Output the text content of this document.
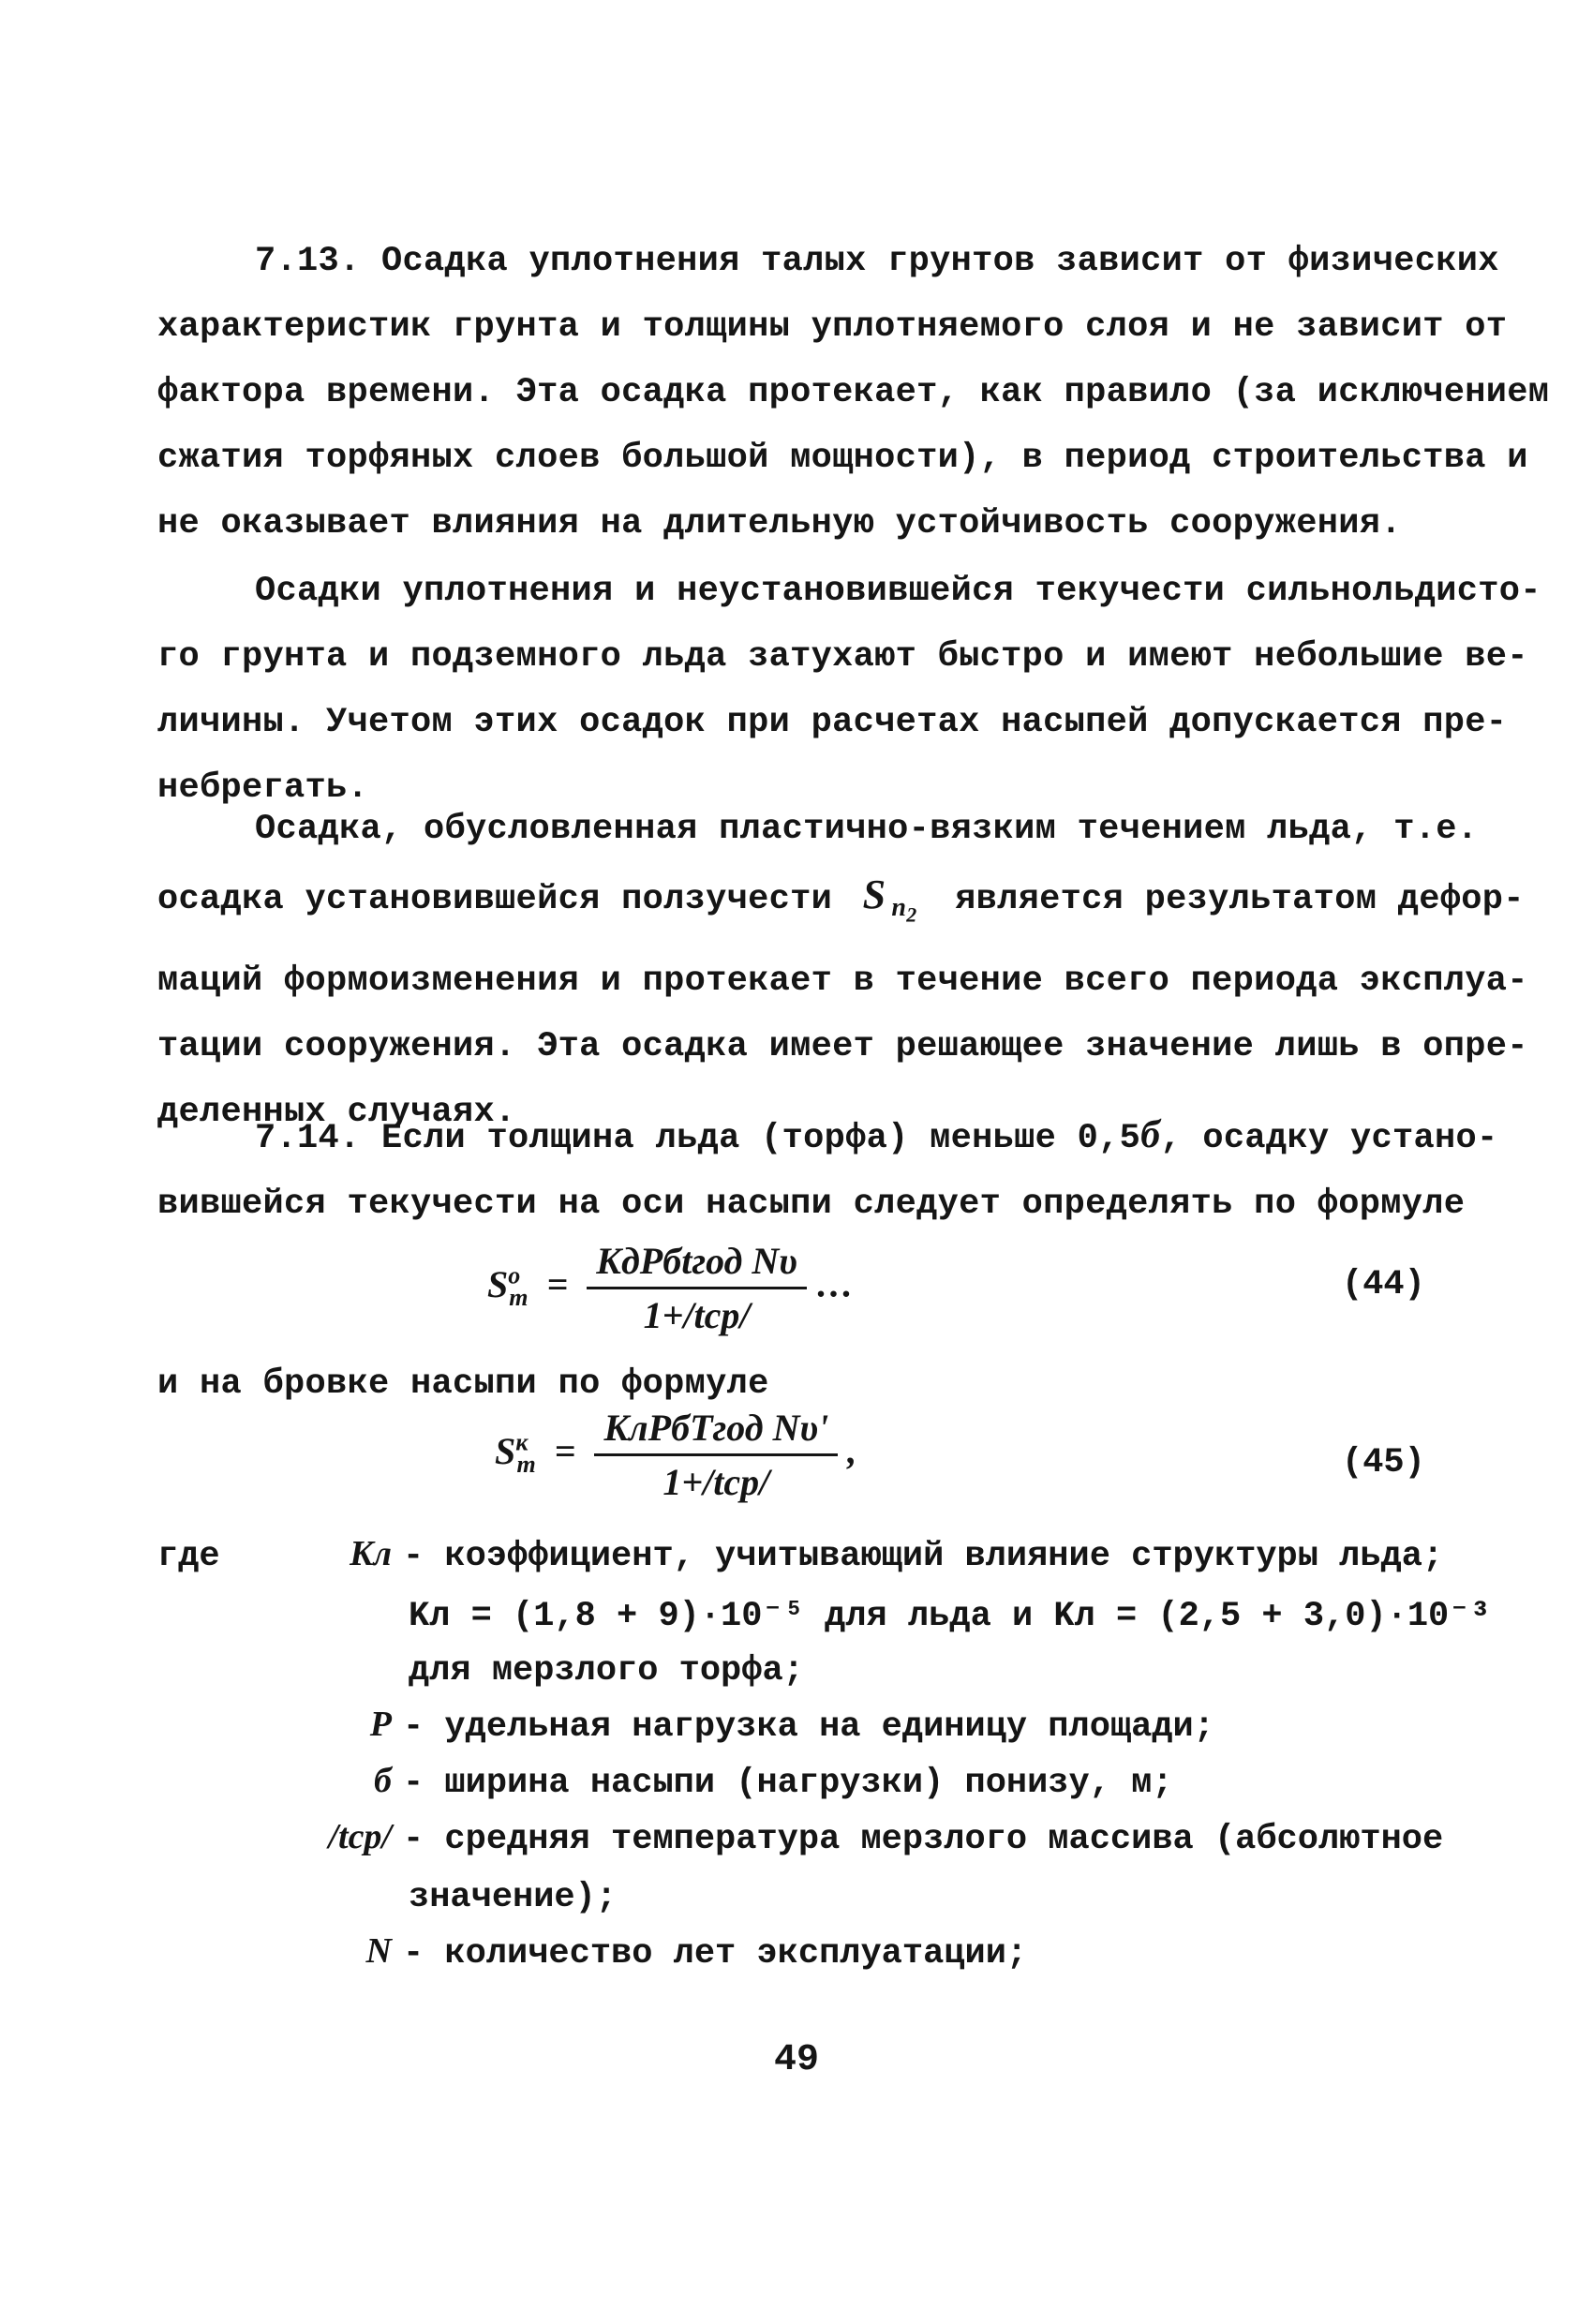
7.13. Осадка уплотнения талых грунтов зависит от физических
характеристик грунта и толщины уплотняемого слоя и не зависит от
фактора времени. Эта осадка протекает, как правило (за исключением
сжатия торфяных слоев большой мощности), в период строительства и
не оказывает влияния на длительную устойчивость сооружения.
Осадки уплотнения и неустановившейся текучести сильнольдисто-
го грунта и подземного льда затухают быстро и имеют небольшие ве-
личины. Учетом этих осадок при расчетах насыпей допускается пре-
небрегать.
Осадка, обусловленная пластично-вязким течением льда, т.е.
осадка установившейся ползучести S $_{n_2}$ является результатом дефор-
маций формоизменения и протекает в течение всего периода эксплуа-
тации сооружения. Эта осадка имеет решающее значение лишь в опре-
деленных случаях.
7.14. Если толщина льда (торфа) меньше 0,5б, осадку устано-
вившейся текучести на оси насыпи следует определять по формуле
$S^о_т = \frac{\text{KдPбtгод Nυ}}{\text{1+/tср/}}$ …	(44)
и на бровке насыпи по формуле
$S^к_т = \frac{\text{KлPбTгод Nυ'}}{\text{1+/tср/}}$ ,	(45)
где	Kл - коэффициент, учитывающий влияние структуры льда;
Kл = (1,8 + 9)·10⁻⁵ для льда и Kл = (2,5 + 3,0)·10⁻³
для мерзлого торфа;
P - удельная нагрузка на единицу площади;
б - ширина насыпи (нагрузки) понизу, м;
/tср/ - средняя температура мерзлого массива (абсолютное
значение);
N - количество лет эксплуатации;
49
